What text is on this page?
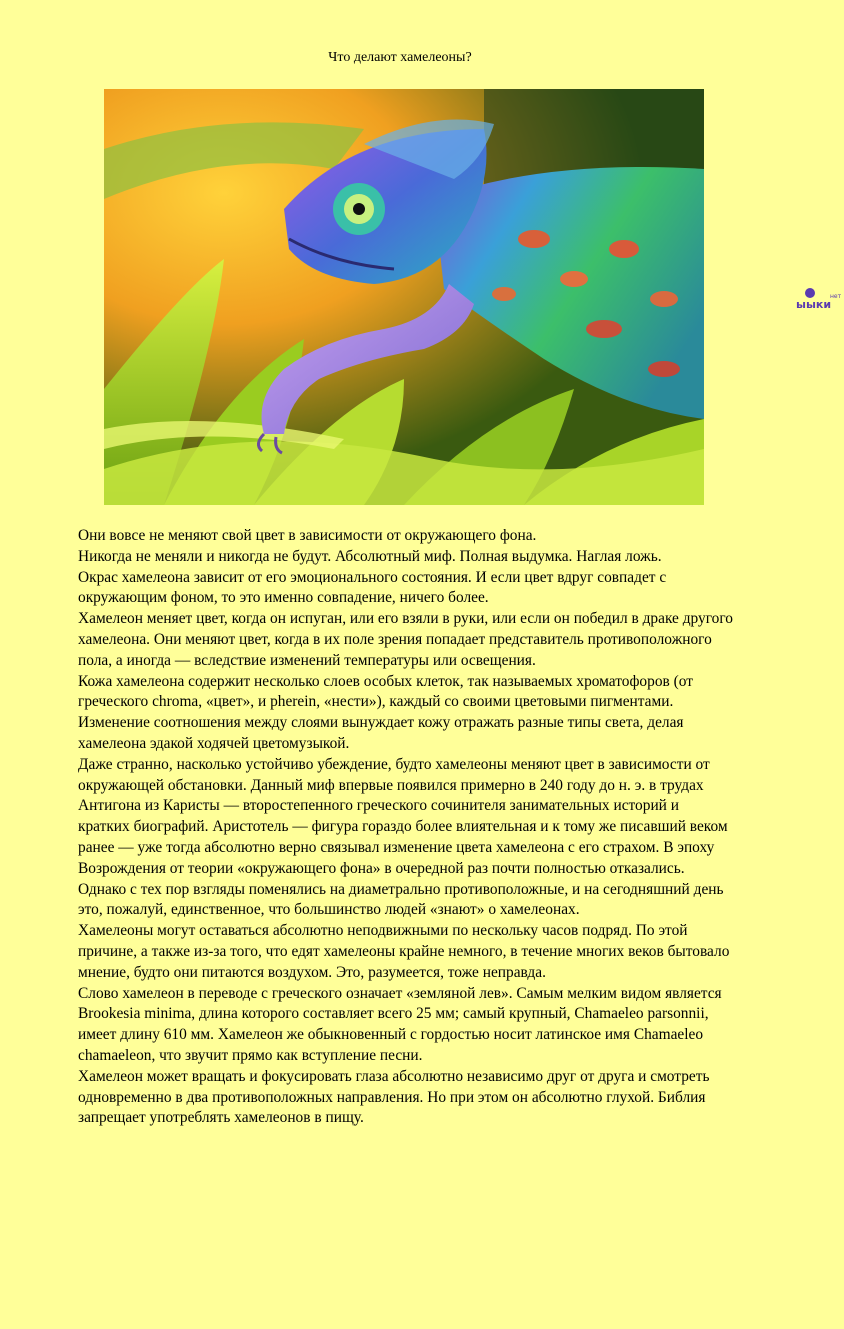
Что делают хамелеоны?
ыыки
нет

Они вовсе не меняют свой цвет в зависимости от окружающего фона.

Никогда не меняли и никогда не будут. Абсолютный миф. Полная выдумка. Наглая ложь.

Окрас хамелеона зависит от его эмоционального состояния. И если цвет вдруг совпадет с окружающим фоном, то это именно совпадение, ничего более.

Хамелеон меняет цвет, когда он испуган, или его взяли в руки, или если он победил в драке другого хамелеона. Они меняют цвет, когда в их поле зрения попадает представитель противоположного пола, а иногда — вследствие изменений температуры или освещения.

Кожа хамелеона содержит несколько слоев особых клеток, так называемых хроматофоров (от греческого chroma, «цвет», и pherein, «нести»), каждый со своими цветовыми пигментами. Изменение соотношения между слоями вынуждает кожу отражать разные типы света, делая хамелеона эдакой ходячей цветомузыкой.

Даже странно, насколько устойчиво убеждение, будто хамелеоны меняют цвет в зависимости от окружающей обстановки. Данный миф впервые появился примерно в 240 году до н. э. в трудах Антигона из Каристы — второстепенного греческого сочинителя занимательных историй и кратких биографий. Аристотель — фигура гораздо более влиятельная и к тому же писавший веком ранее — уже тогда абсолютно верно связывал изменение цвета хамелеона с его страхом. В эпоху Возрождения от теории «окружающего фона» в очередной раз почти полностью отказались. Однако с тех пор взгляды поменялись на диаметрально противоположные, и на сегодняшний день это, пожалуй, единственное, что большинство людей «знают» о хамелеонах.

Хамелеоны могут оставаться абсолютно неподвижными по нескольку часов подряд. По этой причине, а также из-за того, что едят хамелеоны крайне немного, в течение многих веков бытовало мнение, будто они питаются воздухом. Это, разумеется, тоже неправда.

Слово хамелеон в переводе с греческого означает «земляной лев». Самым мелким видом является Brookesia minima, длина которого составляет всего 25 мм; самый крупный, Chamaeleo parsonnii, имеет длину 610 мм. Хамелеон же обыкновенный с гордостью носит латинское имя Chamaeleo chamaeleon, что звучит прямо как вступление песни.

Хамелеон может вращать и фокусировать глаза абсолютно независимо друг от друга и смотреть одновременно в два противоположных направления. Но при этом он абсолютно глухой. Библия запрещает употреблять хамелеонов в пищу.
